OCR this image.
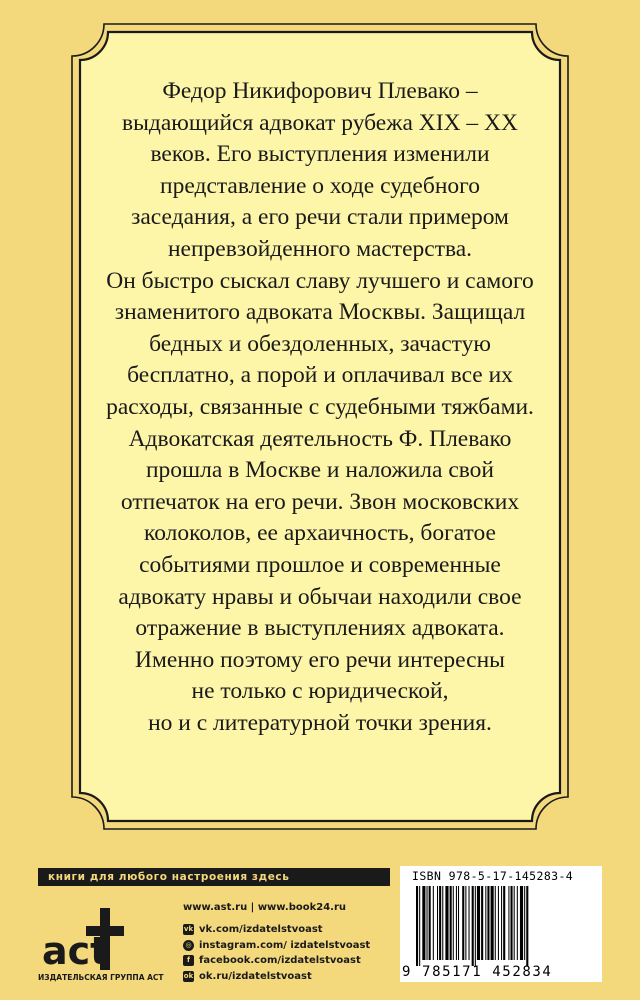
Федор Никифорович Плевако –
выдающийся адвокат рубежа XIX – XX
веков. Его выступления изменили
представление о ходе судебного
заседания, а его речи стали примером
непревзойденного мастерства.
Он быстро сыскал славу лучшего и самого
знаменитого адвоката Москвы. Защищал
бедных и обездоленных, зачастую
бесплатно, а порой и оплачивал все их
расходы, связанные с судебными тяжбами.
Адвокатская деятельность Ф. Плевако
прошла в Москве и наложила свой
отпечаток на его речи. Звон московских
колоколов, ее архаичность, богатое
событиями прошлое и современные
адвокату нравы и обычаи находили свое
отражение в выступлениях адвоката.
Именно поэтому его речи интересны
не только с юридической,
но и с литературной точки зрения.
книги для любого настроения здесь
act
ИЗДАТЕЛЬСКАЯ ГРУППА АСТ
www.ast.ru | www.book24.ru
vk vk.com/izdatelstvoast
◎ instagram.com/ izdatelstvoast
f facebook.com/izdatelstvoast
ok ok.ru/izdatelstvoast
ISBN 978-5-17-145283-4
9 785171 452834
